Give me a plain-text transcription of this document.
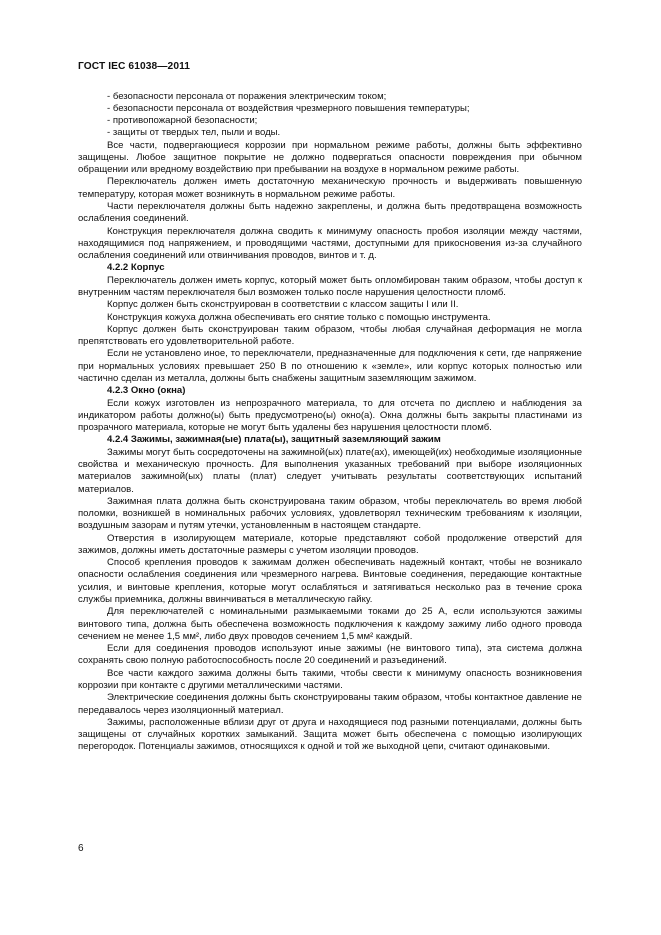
ГОСТ IEC 61038—2011

- безопасности персонала от поражения электрическим током;

- безопасности персонала от воздействия чрезмерного повышения температуры;

- противопожарной безопасности;

- защиты от твердых тел, пыли и воды.

Все части, подвергающиеся коррозии при нормальном режиме работы, должны быть эффективно защищены. Любое защитное покрытие не должно подвергаться опасности повреждения при обычном обращении или вредному воздействию при пребывании на воздухе в нормальном режиме работы.

Переключатель должен иметь достаточную механическую прочность и выдерживать повышенную температуру, которая может возникнуть в нормальном режиме работы.

Части переключателя должны быть надежно закреплены, и должна быть предотвращена возможность ослабления соединений.

Конструкция переключателя должна сводить к минимуму опасность пробоя изоляции между частями, находящимися под напряжением, и проводящими частями, доступными для прикосновения из-за случайного ослабления соединений или отвинчивания проводов, винтов и т. д.

4.2.2 Корпус

Переключатель должен иметь корпус, который может быть опломбирован таким образом, чтобы доступ к внутренним частям переключателя был возможен только после нарушения целостности пломб.

Корпус должен быть сконструирован в соответствии с классом защиты I или II.

Конструкция кожуха должна обеспечивать его снятие только с помощью инструмента.

Корпус должен быть сконструирован таким образом, чтобы любая случайная деформация не могла препятствовать его удовлетворительной работе.

Если не установлено иное, то переключатели, предназначенные для подключения к сети, где напряжение при нормальных условиях превышает 250 В по отношению к «земле», или корпус которых полностью или частично сделан из металла, должны быть снабжены защитным заземляющим зажимом.

4.2.3 Окно (окна)

Если кожух изготовлен из непрозрачного материала, то для отсчета по дисплею и наблюдения за индикатором работы должно(ы) быть предусмотрено(ы) окно(а). Окна должны быть закрыты пластинами из прозрачного материала, которые не могут быть удалены без нарушения целостности пломб.

4.2.4 Зажимы, зажимная(ые) плата(ы), защитный заземляющий зажим

Зажимы могут быть сосредоточены на зажимной(ых) плате(ах), имеющей(их) необходимые изоляционные свойства и механическую прочность. Для выполнения указанных требований при выборе изоляционных материалов зажимной(ых) платы (плат) следует учитывать результаты соответствующих испытаний материалов.

Зажимная плата должна быть сконструирована таким образом, чтобы переключатель во время любой поломки, возникшей в номинальных рабочих условиях, удовлетворял техническим требованиям к изоляции, воздушным зазорам и путям утечки, установленным в настоящем стандарте.

Отверстия в изолирующем материале, которые представляют собой продолжение отверстий для зажимов, должны иметь достаточные размеры с учетом изоляции проводов.

Способ крепления проводов к зажимам должен обеспечивать надежный контакт, чтобы не возникало опасности ослабления соединения или чрезмерного нагрева. Винтовые соединения, передающие контактные усилия, и винтовые крепления, которые могут ослабляться и затягиваться несколько раз в течение срока службы приемника, должны ввинчиваться в металлическую гайку.

Для переключателей с номинальными размыкаемыми токами до 25 А, если используются зажимы винтового типа, должна быть обеспечена возможность подключения к каждому зажиму либо одного провода сечением не менее 1,5 мм², либо двух проводов сечением 1,5 мм² каждый.

Если для соединения проводов используют иные зажимы (не винтового типа), эта система должна сохранять свою полную работоспособность после 20 соединений и разъединений.

Все части каждого зажима должны быть такими, чтобы свести к минимуму опасность возникновения коррозии при контакте с другими металлическими частями.

Электрические соединения должны быть сконструированы таким образом, чтобы контактное давление не передавалось через изоляционный материал.

Зажимы, расположенные вблизи друг от друга и находящиеся под разными потенциалами, должны быть защищены от случайных коротких замыканий. Защита может быть обеспечена с помощью изолирующих перегородок. Потенциалы зажимов, относящихся к одной и той же выходной цепи, считают одинаковыми.

6
